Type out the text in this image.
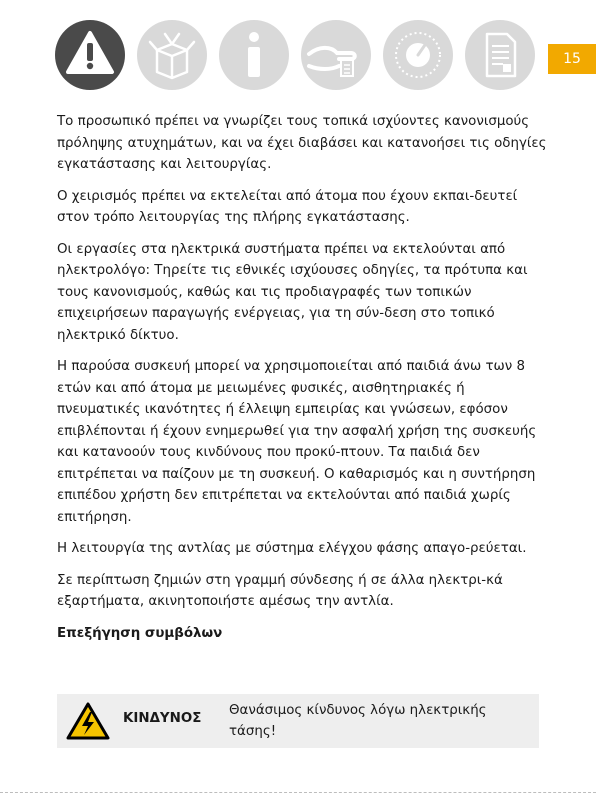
15

Το προσωπικό πρέπει να γνωρίζει τους τοπικά ισχύοντες κανονισμούς πρόληψης ατυχημάτων, και να έχει διαβάσει και κατανοήσει τις οδηγίες εγκατάστασης και λειτουργίας.

Ο χειρισμός πρέπει να εκτελείται από άτομα που έχουν εκπαι-δευτεί στον τρόπο λειτουργίας της πλήρης εγκατάστασης.

Οι εργασίες στα ηλεκτρικά συστήματα πρέπει να εκτελούνται από ηλεκτρολόγο: Τηρείτε τις εθνικές ισχύουσες οδηγίες, τα πρότυπα και τους κανονισμούς, καθώς και τις προδιαγραφές των τοπικών επιχειρήσεων παραγωγής ενέργειας, για τη σύν-δεση στο τοπικό ηλεκτρικό δίκτυο.

Η παρούσα συσκευή μπορεί να χρησιμοποιείται από παιδιά άνω των 8 ετών και από άτομα με μειωμένες φυσικές, αισθητηριακές ή πνευματικές ικανότητες ή έλλειψη εμπειρίας και γνώσεων, εφόσον επιβλέπονται ή έχουν ενημερωθεί για την ασφαλή χρήση της συσκευής και κατανοούν τους κινδύνους που προκύ-πτουν. Τα παιδιά δεν επιτρέπεται να παίζουν με τη συσκευή. Ο καθαρισμός και η συντήρηση επιπέδου χρήστη δεν επιτρέπεται να εκτελούνται από παιδιά χωρίς επιτήρηση.

Η λειτουργία της αντλίας με σύστημα ελέγχου φάσης απαγο-ρεύεται.

Σε περίπτωση ζημιών στη γραμμή σύνδεσης ή σε άλλα ηλεκτρι-κά εξαρτήματα, ακινητοποιήστε αμέσως την αντλία.

Επεξήγηση συμβόλων

ΚΙΝΔΥΝΟΣ
Θανάσιμος κίνδυνος λόγω ηλεκτρικής τάσης!
